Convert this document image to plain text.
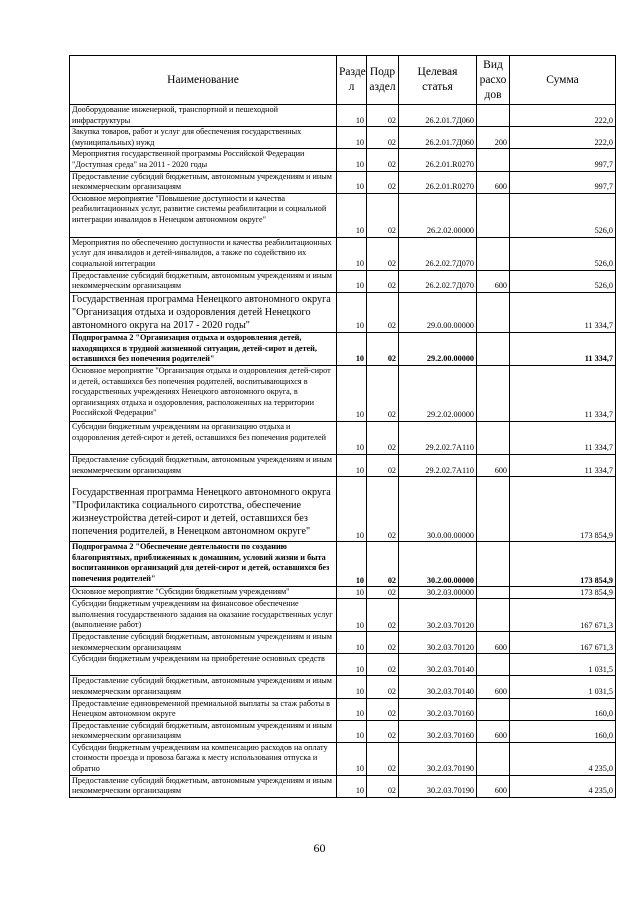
Наименование	Разде л	Подр аздел	Целевая статья	Вид расхо дов	Сумма
Дооборудование инженерной, транспортной и пешеходной инфраструктуры	10	02	26.2.01.7Д060		222,0
Закупка товаров, работ и услуг для обеспечения государственных (муниципальных) нужд	10	02	26.2.01.7Д060	200	222,0
Мероприятия государственной программы Российской Федерации "Доступная среда" на 2011 - 2020 годы	10	02	26.2.01.R0270		997,7
Предоставление субсидий бюджетным, автономным учреждениям и иным некоммерческим организациям	10	02	26.2.01.R0270	600	997,7
Основное мероприятие "Повышение доступности и качества реабилитационных услуг, развитие системы реабилитации и социальной интеграции инвалидов в Ненецком автономном округе"	10	02	26.2.02.00000		526,0
Мероприятия по обеспечению доступности и качества реабилитационных услуг для инвалидов и детей-инвалидов, а также по содействию их социальной интеграции	10	02	26.2.02.7Д070		526,0
Предоставление субсидий бюджетным, автономным учреждениям и иным некоммерческим организациям	10	02	26.2.02.7Д070	600	526,0
Государственная программа Ненецкого автономного округа "Организация отдыха и оздоровления детей Ненецкого автономного округа на 2017 - 2020 годы"	10	02	29.0.00.00000		11 334,7
Подпрограмма 2 "Организация отдыха и оздоровления детей, находящихся в трудной жизненной ситуации, детей-сирот и детей, оставшихся без попечения родителей"	10	02	29.2.00.00000		11 334,7
Основное мероприятие "Организация отдыха и оздоровления детей-сирот и детей, оставшихся без попечения родителей, воспитывающихся в государственных учреждениях Ненецкого автономного округа, в организациях отдыха и оздоровления, расположенных на территории Российской Федерации"	10	02	29.2.02.00000		11 334,7
Субсидии бюджетным учреждениям на организацию отдыха и оздоровления детей-сирот и детей, оставшихся без попечения родителей	10	02	29.2.02.7А110		11 334,7
Предоставление субсидий бюджетным, автономным учреждениям и иным некоммерческим организациям	10	02	29.2.02.7А110	600	11 334,7
Государственная программа Ненецкого автономного округа "Профилактика социального сиротства, обеспечение жизнеустройства детей-сирот и детей, оставшихся без попечения родителей, в Ненецком автономном округе"	10	02	30.0.00.00000		173 854,9
Подпрограмма 2 "Обеспечение деятельности по созданию благоприятных, приближенных к домашним, условий жизни и быта воспитанников организаций для детей-сирот и детей, оставшихся без попечения родителей"	10	02	30.2.00.00000		173 854,9
Основное мероприятие "Субсидии бюджетным учреждениям"	10	02	30.2.03.00000		173 854,9
Субсидии бюджетным учреждениям на финансовое обеспечение выполнения государственного задания на оказание государственных услуг (выполнение работ)	10	02	30.2.03.70120		167 671,3
Предоставление субсидий бюджетным, автономным учреждениям и иным некоммерческим организациям	10	02	30.2.03.70120	600	167 671,3
Субсидии бюджетным учреждениям на приобретение основных средств	10	02	30.2.03.70140		1 031,5
Предоставление субсидий бюджетным, автономным учреждениям и иным некоммерческим организациям	10	02	30.2.03.70140	600	1 031,5
Предоставление единовременной премиальной выплаты за стаж работы в Ненецком автономном округе	10	02	30.2.03.70160		160,0
Предоставление субсидий бюджетным, автономным учреждениям и иным некоммерческим организациям	10	02	30.2.03.70160	600	160,0
Субсидии бюджетным учреждениям на компенсацию расходов на оплату стоимости проезда и провоза багажа к месту использования отпуска и обратно	10	02	30.2.03.70190		4 235,0
Предоставление субсидий бюджетным, автономным учреждениям и иным некоммерческим организациям	10	02	30.2.03.70190	600	4 235,0
60
